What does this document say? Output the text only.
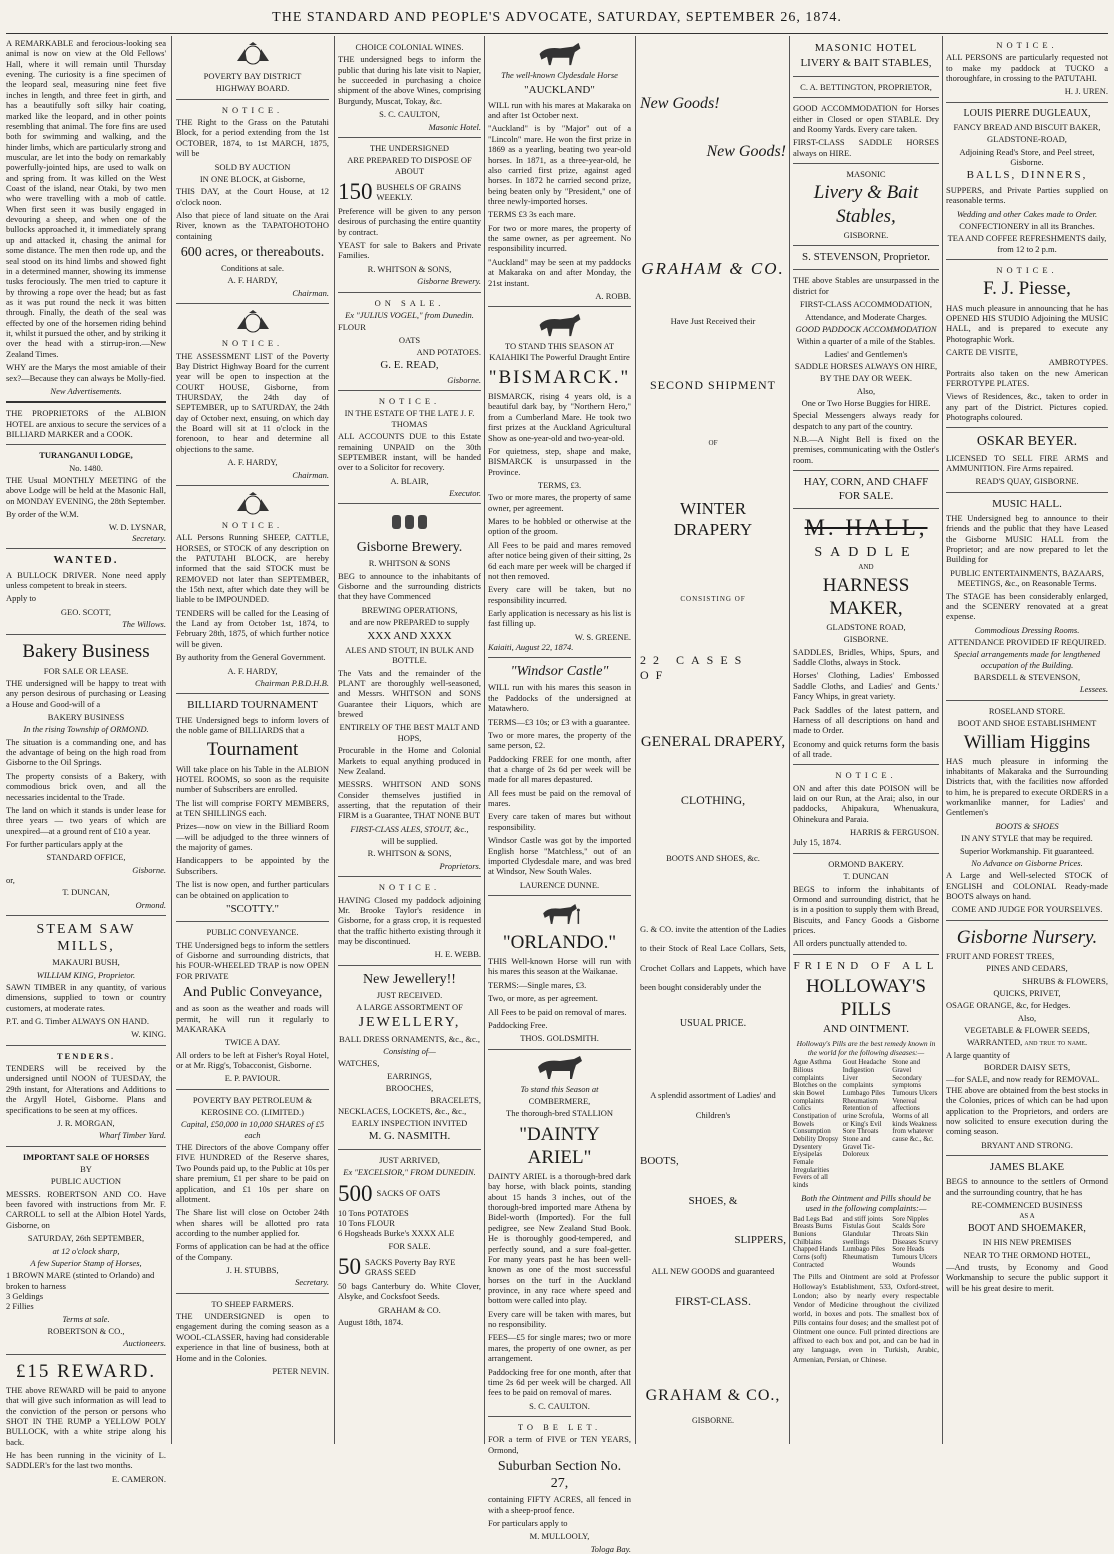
THE STANDARD AND PEOPLE'S ADVOCATE, SATURDAY, SEPTEMBER 26, 1874.

A REMARKABLE and ferocious-looking sea animal is now on view at the Old Fellows' Hall, where it will remain until Thursday evening. The curiosity is a fine specimen of the leopard seal, measuring nine feet five inches in length, and three feet in girth, and has a beautifully soft silky hair coating, marked like the leopard, and in other points resembling that animal. The fore fins are used both for swimming and walking, and the hinder limbs, which are particularly strong and muscular, are let into the body on remarkably powerfully-jointed hips, are used to walk on and spring from. It was killed on the West Coast of the island, near Otaki, by two men who were travelling with a mob of cattle. When first seen it was busily engaged in devouring a sheep, and when one of the bullocks approached it, it immediately sprang up and attacked it, chasing the animal for some distance. The men then rode up, and the seal stood on its hind limbs and showed fight in a determined manner, showing its immense tusks ferociously. The men tried to capture it by throwing a rope over the head; but as fast as it was put round the neck it was bitten through. Finally, the death of the seal was effected by one of the horsemen riding behind it, whilst it pursued the other, and by striking it over the head with a stirrup-iron.—New Zealand Times.

WHY are the Marys the most amiable of their sex?—Because they can always be Molly-fied.

New Advertisements.

THE PROPRIETORS of the ALBION HOTEL are anxious to secure the services of a BILLIARD MARKER and a COOK.

TURANGANUI LODGE,
No. 1480.

THE Usual MONTHLY MEETING of the above Lodge will be held at the Masonic Hall, on MONDAY EVENING, the 28th September.

By order of the W.M.

W. D. LYSNAR,
Secretary.
WANTED.

A BULLOCK DRIVER. None need apply unless competent to break in steers.

Apply to

GEO. SCOTT,
The Willows.
Bakery Business
FOR SALE OR LEASE.

THE undersigned will be happy to treat with any person desirous of purchasing or Leasing a House and Good-will of a

BAKERY BUSINESS
In the rising Township of ORMOND.

The situation is a commanding one, and has the advantage of being on the high road from Gisborne to the Oil Springs.

The property consists of a Bakery, with commodious brick oven, and all the necessaries incidental to the Trade.

The land on which it stands is under lease for three years — two years of which are unexpired—at a ground rent of £10 a year.

For further particulars apply at the

STANDARD OFFICE,
Gisborne.
or,
T. DUNCAN,
Ormond.
STEAM SAW MILLS,
MAKAURI BUSH,
WILLIAM KING, Proprietor.

SAWN TIMBER in any quantity, of various dimensions, supplied to town or country customers, at moderate rates.

P.T. and G. Timber ALWAYS ON HAND.

W. KING.
TENDERS.

TENDERS will be received by the undersigned until NOON of TUESDAY, the 29th instant, for Alterations and Additions to the Argyll Hotel, Gisborne. Plans and specifications to be seen at my offices.

J. R. MORGAN,
Wharf Timber Yard.
IMPORTANT SALE OF HORSES
BY
PUBLIC AUCTION

MESSRS. ROBERTSON AND CO. Have been favored with instructions from Mr. F. CARROLL to sell at the Albion Hotel Yards, Gisborne, on

SATURDAY, 26th SEPTEMBER,
at 12 o'clock sharp,
A few Superior Stamp of Horses,
1 BROWN MARE (stinted to Orlando) and broken to harness
3 Geldings
2 Fillies
Terms at sale.
ROBERTSON & CO.,
Auctioneers.
£15 REWARD.

THE above REWARD will be paid to anyone that will give such information as will lead to the conviction of the person or persons who SHOT IN THE RUMP a YELLOW POLY BULLOCK, with a white stripe along his back.

He has been running in the vicinity of L. SADDLER's for the last two months.

E. CAMERON.
POVERTY BAY DISTRICT
HIGHWAY BOARD.
NOTICE.

THE Right to the Grass on the Patutahi Block, for a period extending from the 1st OCTOBER, 1874, to 1st MARCH, 1875, will be

SOLD BY AUCTION
IN ONE BLOCK, at Gisborne,

THIS DAY, at the Court House, at 12 o'clock noon.

Also that piece of land situate on the Arai River, known as the TAPATOHOTOHO containing

600 acres, or thereabouts.
Conditions at sale.
A. F. HARDY,
Chairman.
NOTICE.

THE ASSESSMENT LIST of the Poverty Bay District Highway Board for the current year will be open to inspection at the COURT HOUSE, Gisborne, from THURSDAY, the 24th day of SEPTEMBER, up to SATURDAY, the 24th day of October next, ensuing, on which day the Board will sit at 11 o'clock in the forenoon, to hear and determine all objections to the same.

A. F. HARDY,
Chairman.
NOTICE.

ALL Persons Running SHEEP, CATTLE, HORSES, or STOCK of any description on the PATUTAHI BLOCK, are hereby informed that the said STOCK must be REMOVED not later than SEPTEMBER, the 15th next, after which date they will be liable to be IMPOUNDED.

TENDERS will be called for the Leasing of the Land ay from October 1st, 1874, to February 28th, 1875, of which further notice will be given.

By authority from the General Government.

A. F. HARDY,
Chairman P.B.D.H.B.
BILLIARD TOURNAMENT

THE Undersigned begs to inform lovers of the noble game of BILLIARDS that a

Tournament

Will take place on his Table in the ALBION HOTEL ROOMS, so soon as the requisite number of Subscribers are enrolled.

The list will comprise FORTY MEMBERS, at TEN SHILLINGS each.

Prizes—now on view in the Billiard Room—will be adjudged to the three winners of the majority of games.

Handicappers to be appointed by the Subscribers.

The list is now open, and further particulars can be obtained on application to

"SCOTTY."
PUBLIC CONVEYANCE.

THE Undersigned begs to inform the settlers of Gisborne and surrounding districts, that his FOUR-WHEELED TRAP is now OPEN FOR PRIVATE

And Public Conveyance,

and as soon as the weather and roads will permit, he will run it regularly to MAKARAKA

TWICE A DAY.

All orders to be left at Fisher's Royal Hotel, or at Mr. Rigg's, Tobacconist, Gisborne.

E. P. PAVIOUR.
POVERTY BAY PETROLEUM &
KEROSINE CO. (LIMITED.)
Capital, £50,000 in 10,000 SHARES of £5 each

THE Directors of the above Company offer FIVE HUNDRED of the Reserve shares, Two Pounds paid up, to the Public at 10s per share premium, £1 per share to be paid on application, and £1 10s per share on allotment.

The Share list will close on October 24th when shares will be allotted pro rata according to the number applied for.

Forms of application can be had at the office of the Company.

J. H. STUBBS,
Secretary.
TO SHEEP FARMERS.

THE UNDERSIGNED is open to engagement during the coming season as a WOOL-CLASSER, having had considerable experience in that line of business, both at Home and in the Colonies.

PETER NEVIN.
CHOICE COLONIAL WINES.

THE undersigned begs to inform the public that during his late visit to Napier, he succeeded in purchasing a choice shipment of the above Wines, comprising Burgundy, Muscat, Tokay, &c.

S. C. CAULTON,
Masonic Hotel.
THE UNDERSIGNED
ARE PREPARED TO DISPOSE OF ABOUT
150 BUSHELS OF GRAINS WEEKLY.

Preference will be given to any person desirous of purchasing the entire quantity by contract.

YEAST for sale to Bakers and Private Families.

R. WHITSON & SONS,
Gisborne Brewery.
ON SALE.
Ex "JULIUS VOGEL," from Dunedin.
FLOUR
OATS
AND POTATOES.
G. E. READ,
Gisborne.
NOTICE.
IN THE ESTATE OF THE LATE J. F. THOMAS

ALL ACCOUNTS DUE to this Estate remaining UNPAID on the 30th SEPTEMBER instant, will be handed over to a Solicitor for recovery.

A. BLAIR,
Executor.
Gisborne Brewery.
R. WHITSON & SONS

BEG to announce to the inhabitants of Gisborne and the surrounding districts that they have Commenced

BREWING OPERATIONS,
and are now PREPARED to supply
XXX AND XXXX
ALES AND STOUT, IN BULK AND BOTTLE.

The Vats and the remainder of the PLANT are thoroughly well-seasoned, and Messrs. WHITSON and SONS Guarantee their Liquors, which are brewed

ENTIRELY OF THE BEST MALT AND HOPS,

Procurable in the Home and Colonial Markets to equal anything produced in New Zealand.

MESSRS. WHITSON AND SONS Consider themselves justified in asserting, that the reputation of their FIRM is a Guarantee, THAT NONE BUT

FIRST-CLASS ALES, STOUT, &c.,
will be supplied.
R. WHITSON & SONS,
Proprietors.
NOTICE.

HAVING Closed my paddock adjoining Mr. Brooke Taylor's residence in Gisborne, for a grass crop, it is requested that the traffic hitherto existing through it may be discontinued.

H. E. WEBB.
New Jewellery!!
JUST RECEIVED.
A LARGE ASSORTMENT OF
JEWELLERY,
BALL DRESS ORNAMENTS, &c., &c.,
Consisting of—
WATCHES,
EARRINGS,
BROOCHES,
BRACELETS,
NECKLACES, LOCKETS, &c., &c.,
EARLY INSPECTION INVITED
M. G. NASMITH.
JUST ARRIVED,
Ex "EXCELSIOR," FROM DUNEDIN.
500 SACKS OF OATS
10 Tons POTATOES
10 Tons FLOUR
6 Hogsheads Burke's XXXX ALE
FOR SALE.
50 SACKS Poverty Bay RYE GRASS SEED

50 bags Canterbury do. White Clover, Alsyke, and Cocksfoot Seeds.

GRAHAM & CO.
August 18th, 1874.
The well-known Clydesdale Horse
"AUCKLAND"

WILL run with his mares at Makaraka on and after 1st October next.

"Auckland" is by "Major" out of a "Lincoln" mare. He won the first prize in 1869 as a yearling, beating two year-old horses. In 1871, as a three-year-old, he also carried first prize, against aged horses. In 1872 he carried second prize, being beaten only by "President," one of three newly-imported horses.

TERMS £3 3s each mare.

For two or more mares, the property of the same owner, as per agreement. No responsibility incurred.

"Auckland" may be seen at my paddocks at Makaraka on and after Monday, the 21st instant.

A. ROBB.
TO STAND THIS SEASON AT KAIAHIKI The Powerful Draught Entire
"BISMARCK."

BISMARCK, rising 4 years old, is a beautiful dark bay, by "Northern Hero," from a Cumberland Mare. He took two first prizes at the Auckland Agricultural Show as one-year-old and two-year-old.

For quietness, step, shape and make, BISMARCK is unsurpassed in the Province.

TERMS, £3.

Two or more mares, the property of same owner, per agreement.

Mares to be hobbled or otherwise at the option of the groom.

All Fees to be paid and mares removed after notice being given of their sitting, 2s 6d each mare per week will be charged if not then removed.

Every care will be taken, but no responsibility incurred.

Early application is necessary as his list is fast filling up.

W. S. GREENE.
Kaiaiti, August 22, 1874.
"Windsor Castle"

WILL run with his mares this season in the Paddocks of the undersigned at Matawhero.

TERMS—£3 10s; or £3 with a guarantee.

Two or more mares, the property of the same person, £2.

Paddocking FREE for one month, after that a charge of 2s 6d per week will be made for all mares depastured.

All fees must be paid on the removal of mares.

Every care taken of mares but without responsibility.

Windsor Castle was got by the imported English horse "Matchless," out of an imported Clydesdale mare, and was bred at Windsor, New South Wales.

LAURENCE DUNNE.
"ORLANDO."

THIS Well-known Horse will run with his mares this season at the Waikanae.

TERMS:—Single mares, £3.

Two, or more, as per agreement.

All Fees to be paid on removal of mares.

Paddocking Free.

THOS. GOLDSMITH.
To stand this Season at
COMBERMERE,
The thorough-bred STALLION
"DAINTY ARIEL"

DAINTY ARIEL is a thorough-bred dark bay horse, with black points, standing about 15 hands 3 inches, out of the thorough-bred imported mare Athena by Bidel-worth (Imported). For the full pedigree, see New Zealand Stud Book. He is thoroughly good-tempered, and perfectly sound, and a sure foal-getter. For many years past he has been well-known as one of the most successful horses on the turf in the Auckland province, in any race where speed and bottom were called into play.

Every care will be taken with mares, but no responsibility.

FEES—£5 for single mares; two or more mares, the property of one owner, as per arrangement.

Paddocking free for one month, after that time 2s 6d per week will be charged. All fees to be paid on removal of mares.

S. C. CAULTON.
TO BE LET.

FOR a term of FIVE or TEN YEARS, Ormond,

Suburban Section No. 27,

containing FIFTY ACRES, all fenced in with a sheep-proof fence.

For particulars apply to

M. MULLOOLY,
Tologa Bay.
New Goods!
New Goods!
GRAHAM & CO.
Have Just Received their
SECOND SHIPMENT
OF
WINTER DRAPERY
CONSISTING OF
22 CASES OF
GENERAL DRAPERY,
CLOTHING,
BOOTS AND SHOES, &c.

G. & CO. invite the attention of the Ladies to their Stock of Real Lace Collars, Sets, Crochet Collars and Lappets, which have been bought considerably under the

USUAL PRICE.

A splendid assortment of Ladies' and Children's

BOOTS,
SHOES, &
SLIPPERS,
ALL NEW GOODS and guaranteed
FIRST-CLASS.
GRAHAM & CO.,
GISBORNE.
MASONIC HOTEL
LIVERY & BAIT STABLES,
C. A. BETTINGTON, PROPRIETOR,

GOOD ACCOMMODATION for Horses either in Closed or open STABLE. Dry and Roomy Yards. Every care taken.

FIRST-CLASS SADDLE HORSES always on HIRE.

MASONIC
Livery & Bait Stables,
GISBORNE.
S. STEVENSON, Proprietor.

THE above Stables are unsurpassed in the district for

FIRST-CLASS ACCOMMODATION,
Attendance, and Moderate Charges.
GOOD PADDOCK ACCOMMODATION
Within a quarter of a mile of the Stables.
Ladies' and Gentlemen's
SADDLE HORSES ALWAYS ON HIRE,
BY THE DAY OR WEEK.
Also,
One or Two Horse Buggies for HIRE.

Special Messengers always ready for despatch to any part of the country.

N.B.—A Night Bell is fixed on the premises, communicating with the Ostler's room.

HAY, CORN, AND CHAFF FOR SALE.
M. HALL,
SADDLE
AND
HARNESS MAKER,
GLADSTONE ROAD,
GISBORNE.

SADDLES, Bridles, Whips, Spurs, and Saddle Cloths, always in Stock.

Horses' Clothing, Ladies' Embossed Saddle Cloths, and Ladies' and Gents.' Fancy Whips, in great variety.

Pack Saddles of the latest pattern, and Harness of all descriptions on hand and made to Order.

Economy and quick returns form the basis of all trade.

NOTICE.

ON and after this date POISON will be laid on our Run, at the Arai; also, in our paddocks, Ahipakura, Whenuakura, Ohinekura and Paraia.

HARRIS & FERGUSON.
July 15, 1874.
ORMOND BAKERY.
T. DUNCAN

BEGS to inform the inhabitants of Ormond and surrounding district, that he is in a position to supply them with Bread, Biscuits, and Fancy Goods a Gisborne prices.

All orders punctually attended to.

FRIEND OF ALL
HOLLOWAY'S PILLS
AND OINTMENT.
Holloway's Pills are the best remedy known in the world for the following diseases:—
Ague Asthma Bilious complaints Blotches on the skin Bowel complaints Colics Constipation of Bowels Consumption Debility Dropsy Dysentery Erysipelas Female Irregularities Fevers of all kinds
Gout Headache Indigestion Liver complaints Lumbago Piles Rheumatism Retention of urine Scrofula, or King's Evil Sore Throats Stone and Gravel Tic-Doloreux
Stone and Gravel Secondary symptoms Tumours Ulcers Venereal affections Worms of all kinds Weakness from whatever cause &c., &c.
Both the Ointment and Pills should be used in the following complaints:—
Bad Legs Bad Breasts Burns Bunions Chilblains Chapped Hands Corns (soft) Contracted
and stiff joints Fistulas Gout Glandular swellings Lumbago Piles Rheumatism
Sore Nipples Scalds Sore Throats Skin Diseases Scurvy Sore Heads Tumours Ulcers Wounds

The Pills and Ointment are sold at Professor Holloway's Establishment, 533, Oxford-street, London; also by nearly every respectable Vendor of Medicine throughout the civilized world, in boxes and pots. The smallest box of Pills contains four doses; and the smallest pot of Ointment one ounce. Full printed directions are affixed to each box and pot, and can be had in any language, even in Turkish, Arabic, Armenian, Persian, or Chinese.

NOTICE.

ALL PERSONS are particularly requested not to make my paddock at TUCKO a thoroughfare, in crossing to the PATUTAHI.

H. J. UREN.
LOUIS PIERRE DUGLEAUX,
FANCY BREAD AND BISCUIT BAKER,
GLADSTONE-ROAD,
Adjoining Read's Store, and Peel street, Gisborne.
BALLS, DINNERS,

SUPPERS, and Private Parties supplied on reasonable terms.

Wedding and other Cakes made to Order.
CONFECTIONERY in all its Branches.
TEA AND COFFEE REFRESHMENTS daily, from 12 to 2 p.m.
NOTICE.
F. J. Piesse,

HAS much pleasure in announcing that he has OPENED HIS STUDIO Adjoining the MUSIC HALL, and is prepared to execute any Photographic Work.

CARTE DE VISITE,
AMBROTYPES.

Portraits also taken on the new American FERROTYPE PLATES.

Views of Residences, &c., taken to order in any part of the District. Pictures copied. Photographs coloured.

OSKAR BEYER.

LICENSED TO SELL FIRE ARMS and AMMUNITION. Fire Arms repaired.

READ'S QUAY, GISBORNE.
MUSIC HALL.

THE Undersigned beg to announce to their friends and the public that they have Leased the Gisborne MUSIC HALL from the Proprietor; and are now prepared to let the Building for

PUBLIC ENTERTAINMENTS, BAZAARS, MEETINGS, &c., on Reasonable Terms.

The STAGE has been considerably enlarged, and the SCENERY renovated at a great expense.

Commodious Dressing Rooms.
ATTENDANCE PROVIDED IF REQUIRED.
Special arrangements made for lengthened occupation of the Building.
BARSDELL & STEVENSON,
Lessees.
ROSELAND STORE.
BOOT AND SHOE ESTABLISHMENT
William Higgins

HAS much pleasure in informing the inhabitants of Makaraka and the Surrounding Districts that, with the facilities now afforded to him, he is prepared to execute ORDERS in a workmanlike manner, for Ladies' and Gentlemen's

BOOTS & SHOES
IN ANY STYLE that may be required.
Superior Workmanship. Fit guaranteed.
No Advance on Gisborne Prices.

A Large and Well-selected STOCK of ENGLISH and COLONIAL Ready-made BOOTS always on hand.

COME AND JUDGE FOR YOURSELVES.
Gisborne Nursery.
FRUIT AND FOREST TREES,
PINES AND CEDARS,
SHRUBS & FLOWERS,
QUICKS, PRIVET,
OSAGE ORANGE, &c, for Hedges.
Also,
VEGETABLE & FLOWER SEEDS,
WARRANTED, and true to name.
A large quantity of
BORDER DAISY SETS,
—for SALE, and now ready for REMOVAL.

THE above are obtained from the best stocks in the Colonies, prices of which can be had upon application to the Proprietors, and orders are now solicited to ensure execution during the coming season.

BRYANT AND STRONG.
JAMES BLAKE

BEGS to announce to the settlers of Ormond and the surrounding country, that he has

RE-COMMENCED BUSINESS
AS A
BOOT AND SHOEMAKER,
IN HIS NEW PREMISES
NEAR TO THE ORMOND HOTEL,

—And trusts, by Economy and Good Workmanship to secure the public support it will be his great desire to merit.
